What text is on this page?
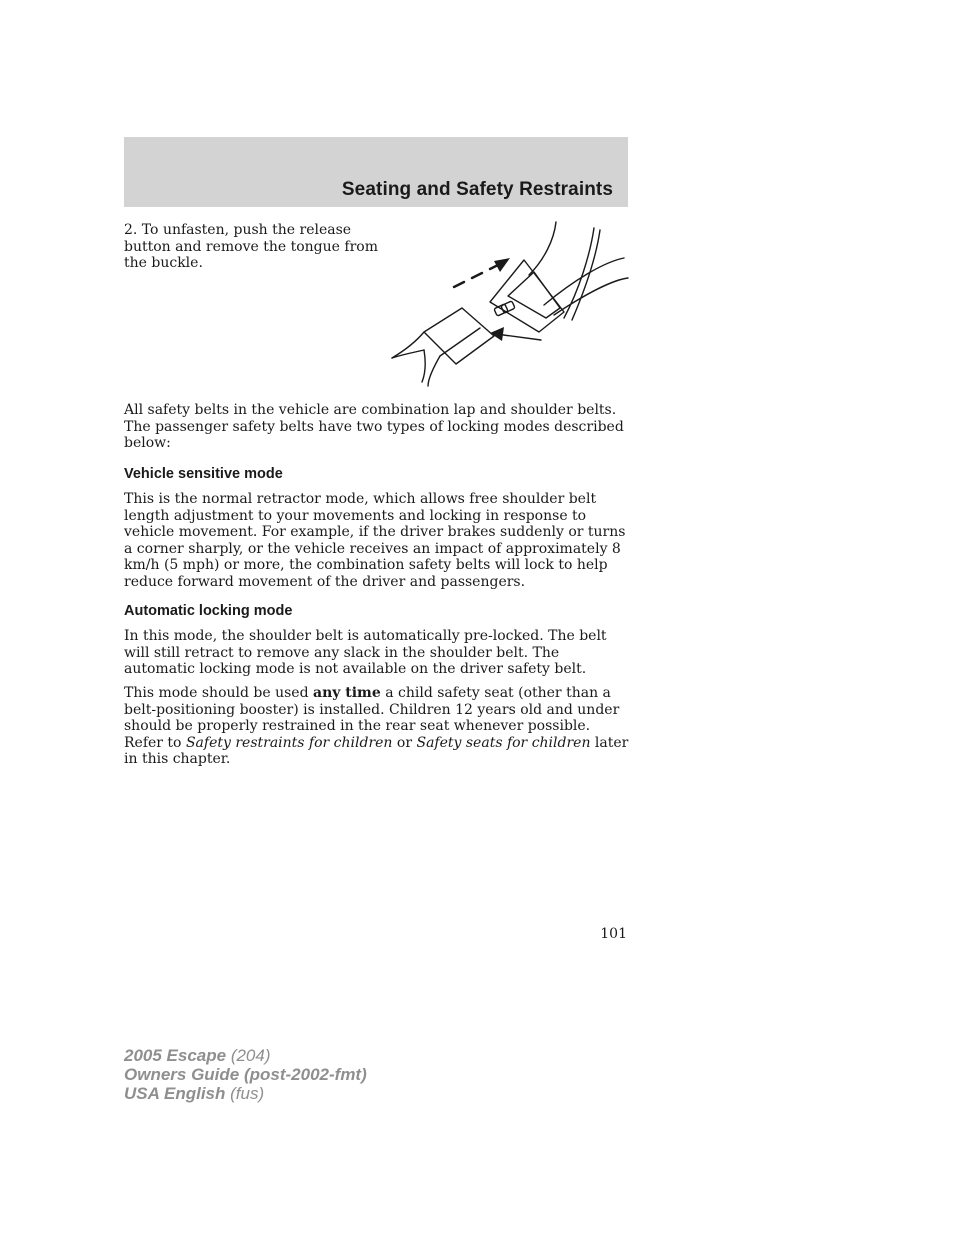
Seating and Safety Restraints

2. To unfasten, push the release button and remove the tongue from the buckle.

All safety belts in the vehicle are combination lap and shoulder belts. The passenger safety belts have two types of locking modes described below:

Vehicle sensitive mode

This is the normal retractor mode, which allows free shoulder belt length adjustment to your movements and locking in response to vehicle movement. For example, if the driver brakes suddenly or turns a corner sharply, or the vehicle receives an impact of approximately 8 km/h (5 mph) or more, the combination safety belts will lock to help reduce forward movement of the driver and passengers.

Automatic locking mode

In this mode, the shoulder belt is automatically pre-locked. The belt will still retract to remove any slack in the shoulder belt. The automatic locking mode is not available on the driver safety belt.

This mode should be used any time a child safety seat (other than a belt-positioning booster) is installed. Children 12 years old and under should be properly restrained in the rear seat whenever possible. Refer to Safety restraints for children or Safety seats for children later in this chapter.

101
2005 Escape (204)
Owners Guide (post-2002-fmt)
USA English (fus)
